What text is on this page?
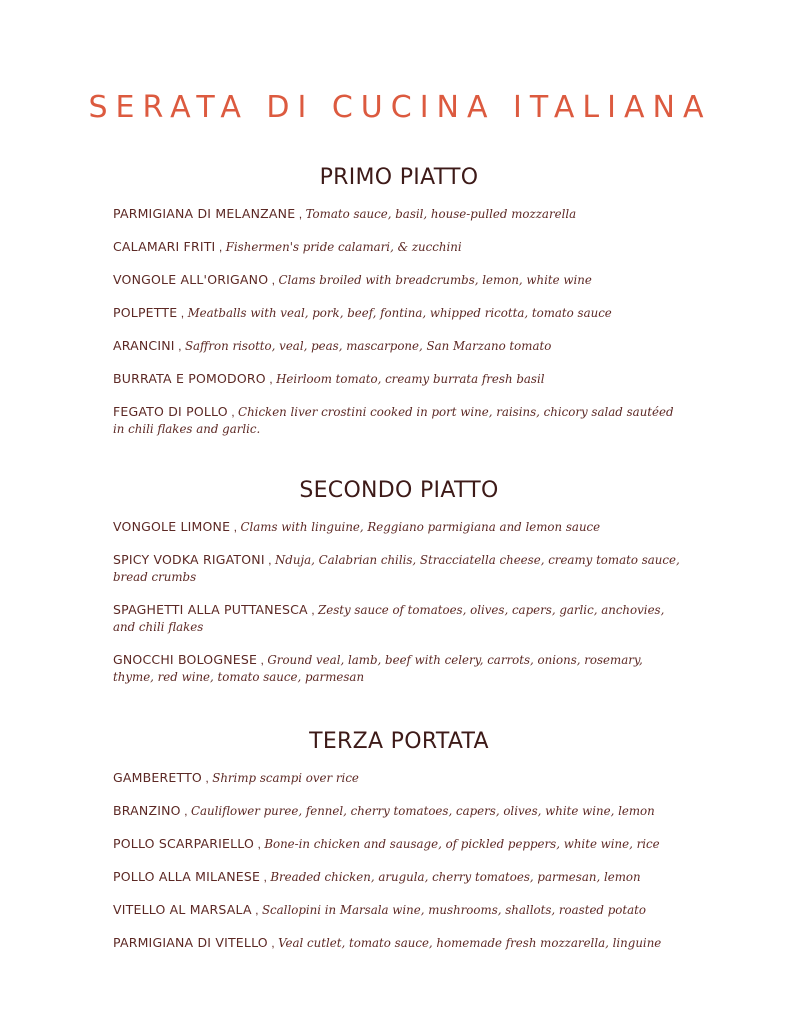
SERATA DI CUCINA ITALIANA
PRIMO PIATTO

PARMIGIANA DI MELANZANE , Tomato sauce, basil, house-pulled mozzarella

CALAMARI FRITI , Fishermen's pride calamari, & zucchini

VONGOLE ALL'ORIGANO , Clams broiled with breadcrumbs, lemon, white wine

POLPETTE , Meatballs with veal, pork, beef, fontina, whipped ricotta, tomato sauce

ARANCINI , Saffron risotto, veal, peas, mascarpone, San Marzano tomato

BURRATA E POMODORO , Heirloom tomato, creamy burrata fresh basil

FEGATO DI POLLO , Chicken liver crostini cooked in port wine, raisins, chicory salad sautéed in chili flakes and garlic.

SECONDO PIATTO

VONGOLE LIMONE , Clams with linguine, Reggiano parmigiana and lemon sauce

SPICY VODKA RIGATONI , Nduja, Calabrian chilis, Stracciatella cheese, creamy tomato sauce, bread crumbs

SPAGHETTI ALLA PUTTANESCA , Zesty sauce of tomatoes, olives, capers, garlic, anchovies, and chili flakes

GNOCCHI BOLOGNESE , Ground veal, lamb, beef with celery, carrots, onions, rosemary, thyme, red wine, tomato sauce, parmesan

TERZA PORTATA

GAMBERETTO , Shrimp scampi over rice

BRANZINO , Cauliflower puree, fennel, cherry tomatoes, capers, olives, white wine, lemon

POLLO SCARPARIELLO , Bone-in chicken and sausage, of pickled peppers, white wine, rice

POLLO ALLA MILANESE , Breaded chicken, arugula, cherry tomatoes, parmesan, lemon

VITELLO AL MARSALA , Scallopini in Marsala wine, mushrooms, shallots, roasted potato

PARMIGIANA DI VITELLO , Veal cutlet, tomato sauce, homemade fresh mozzarella, linguine
